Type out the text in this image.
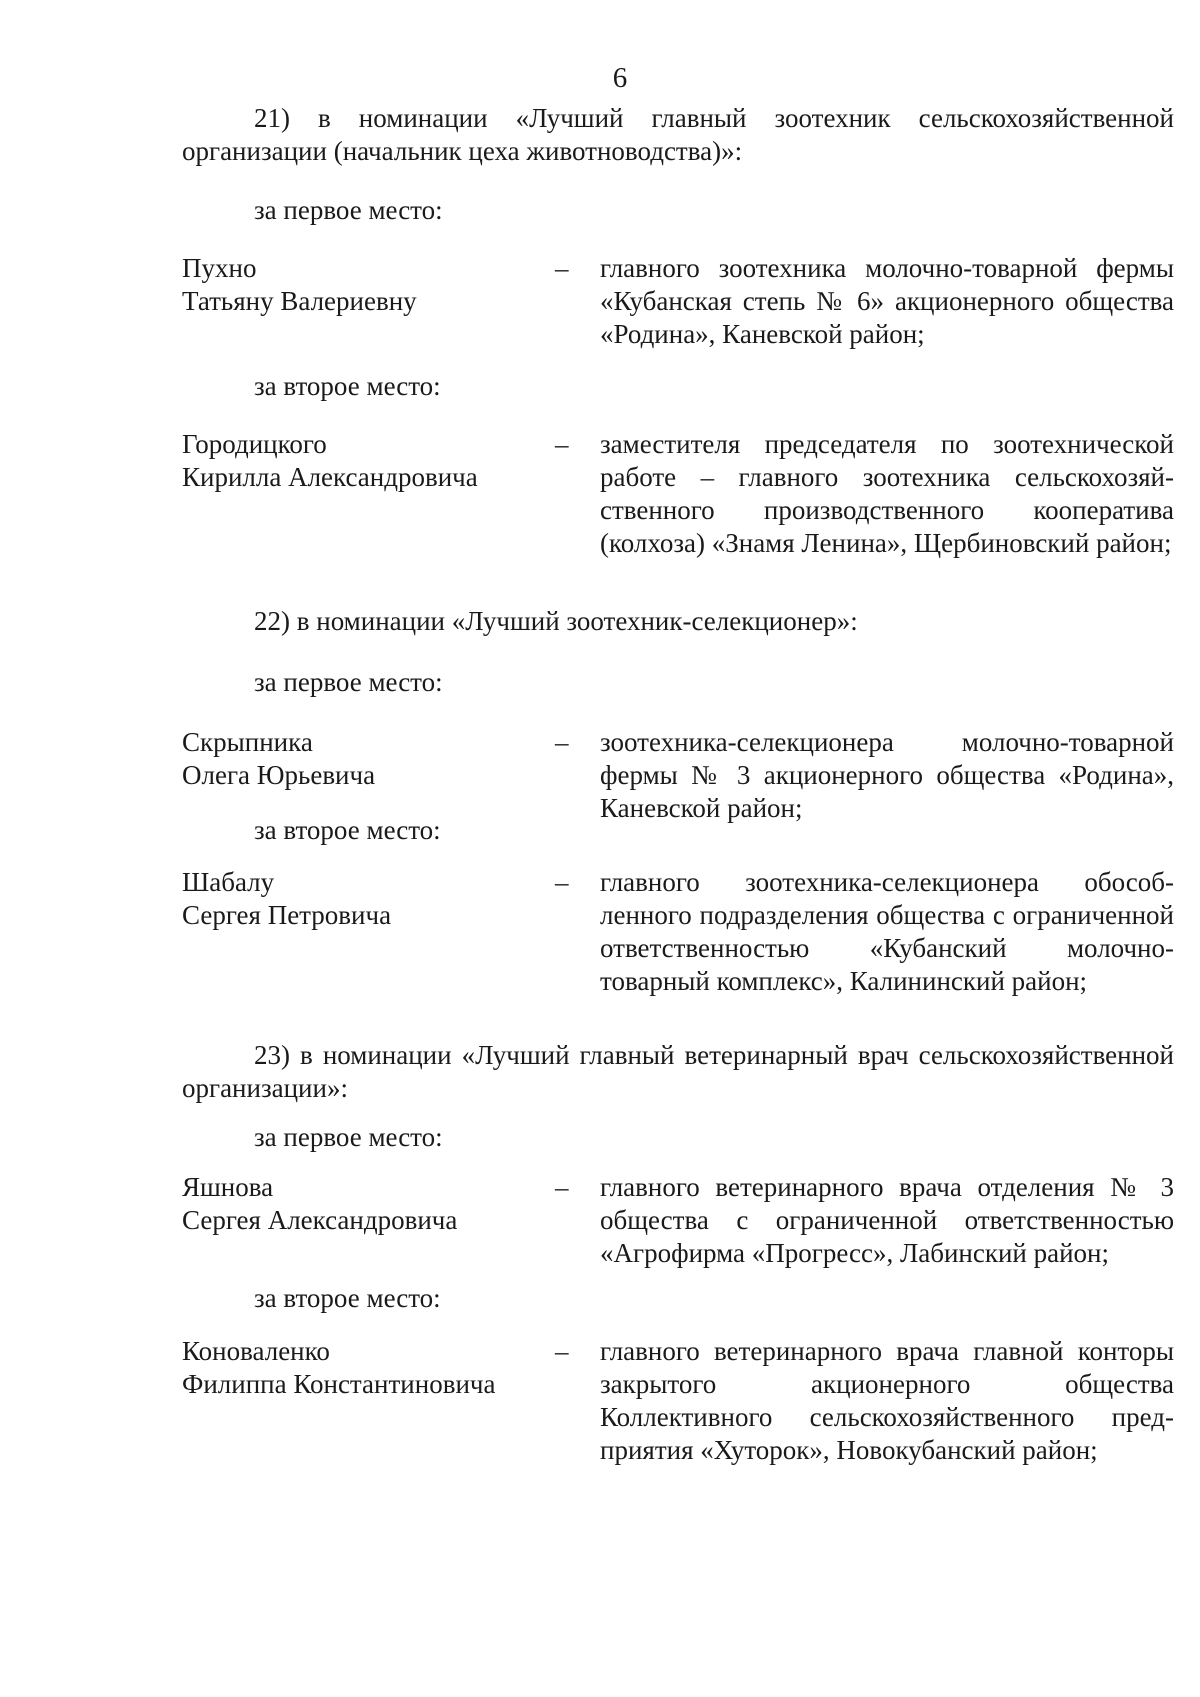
6
21) в номинации «Лучший главный зоотехник сельскохозяйственной организации (начальник цеха животноводства)»:
за первое место:
Пухно
Татьяну Валериевну
– главного зоотехника молочно-товарной фермы «Кубанская степь № 6» акционерного общества «Родина», Каневской район;
за второе место:
Городицкого
Кирилла Александровича
– заместителя председателя по зоотехнической работе – главного зоотехника сельскохозяйственного производственного кооператива (колхоза) «Знамя Ленина», Щербиновский район;
22) в номинации «Лучший зоотехник-селекционер»:
за первое место:
Скрыпника
Олега Юрьевича
– зоотехника-селекционера молочно-товарной фермы № 3 акционерного общества «Родина», Каневской район;
за второе место:
Шабалу
Сергея Петровича
– главного зоотехника-селекционера обособленного подразделения общества с ограниченной ответственностью «Кубанский молочно-товарный комплекс», Калининский район;
23) в номинации «Лучший главный ветеринарный врач сельскохозяйственной организации»:
за первое место:
Яшнова
Сергея Александровича
– главного ветеринарного врача отделения № 3 общества с ограниченной ответственностью «Агрофирма «Прогресс», Лабинский район;
за второе место:
Коноваленко
Филиппа Константиновича
– главного ветеринарного врача главной конторы закрытого акционерного общества Коллективного сельскохозяйственного предприятия «Хуторок», Новокубанский район;
